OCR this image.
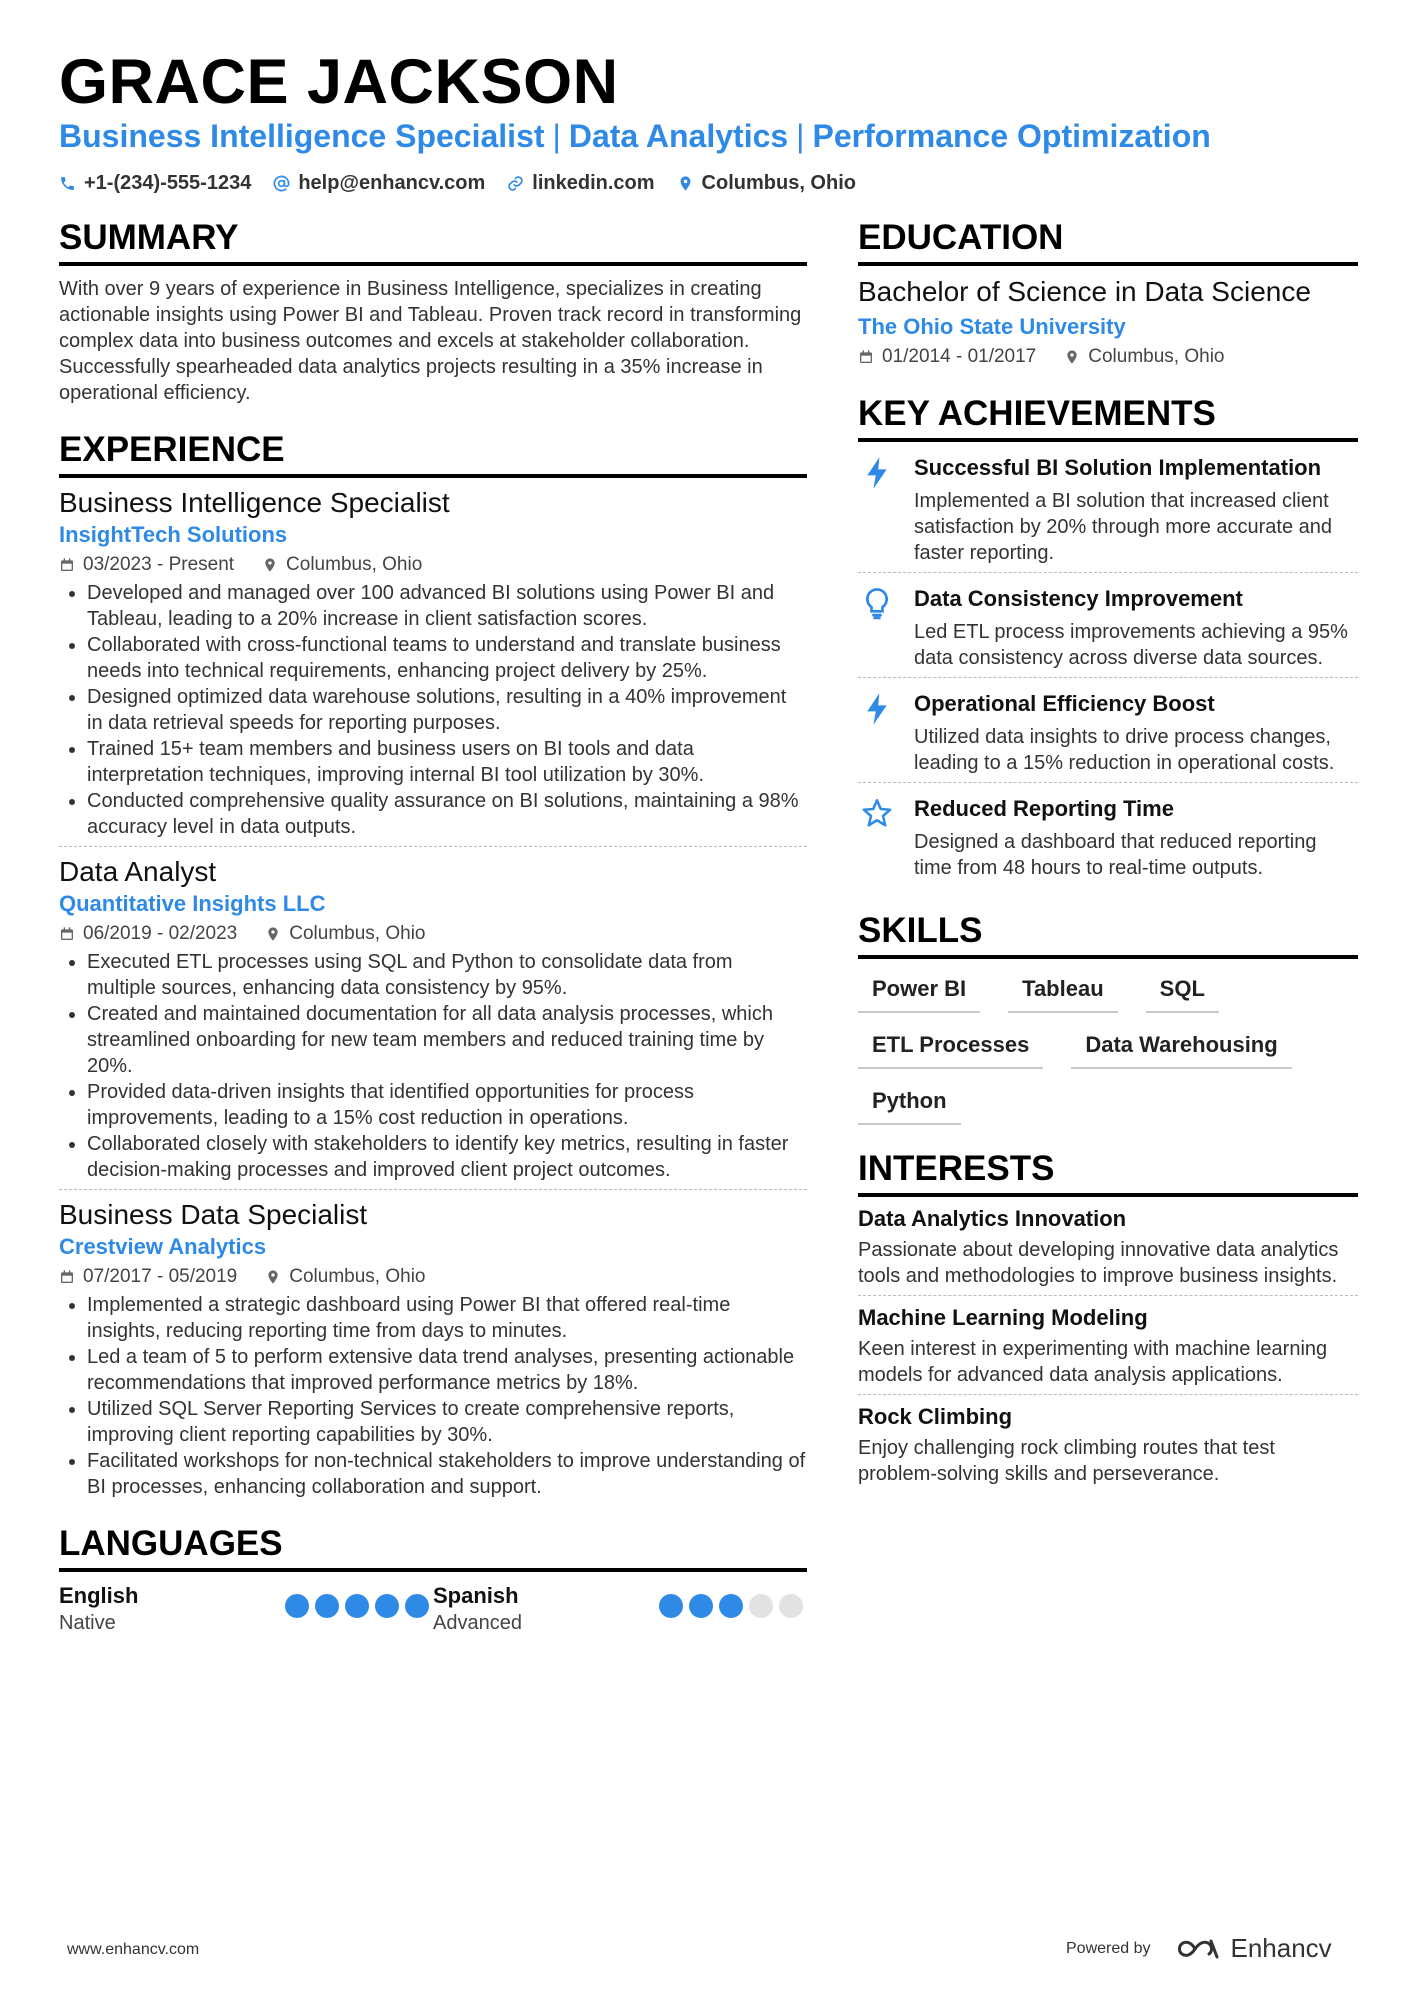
GRACE JACKSON
Business Intelligence Specialist | Data Analytics | Performance Optimization
+1-(234)-555-1234 help@enhancv.com linkedin.com Columbus, Ohio
SUMMARY
With over 9 years of experience in Business Intelligence, specializes in creating actionable insights using Power BI and Tableau. Proven track record in transforming complex data into business outcomes and excels at stakeholder collaboration. Successfully spearheaded data analytics projects resulting in a 35% increase in operational efficiency.
EXPERIENCE
Business Intelligence Specialist
InsightTech Solutions
03/2023 - Present	Columbus, Ohio
Developed and managed over 100 advanced BI solutions using Power BI and Tableau, leading to a 20% increase in client satisfaction scores.
Collaborated with cross-functional teams to understand and translate business needs into technical requirements, enhancing project delivery by 25%.
Designed optimized data warehouse solutions, resulting in a 40% improvement in data retrieval speeds for reporting purposes.
Trained 15+ team members and business users on BI tools and data interpretation techniques, improving internal BI tool utilization by 30%.
Conducted comprehensive quality assurance on BI solutions, maintaining a 98% accuracy level in data outputs.
Data Analyst
Quantitative Insights LLC
06/2019 - 02/2023	Columbus, Ohio
Executed ETL processes using SQL and Python to consolidate data from multiple sources, enhancing data consistency by 95%.
Created and maintained documentation for all data analysis processes, which streamlined onboarding for new team members and reduced training time by 20%.
Provided data-driven insights that identified opportunities for process improvements, leading to a 15% cost reduction in operations.
Collaborated closely with stakeholders to identify key metrics, resulting in faster decision-making processes and improved client project outcomes.
Business Data Specialist
Crestview Analytics
07/2017 - 05/2019	Columbus, Ohio
Implemented a strategic dashboard using Power BI that offered real-time insights, reducing reporting time from days to minutes.
Led a team of 5 to perform extensive data trend analyses, presenting actionable recommendations that improved performance metrics by 18%.
Utilized SQL Server Reporting Services to create comprehensive reports, improving client reporting capabilities by 30%.
Facilitated workshops for non-technical stakeholders to improve understanding of BI processes, enhancing collaboration and support.
LANGUAGES
English
Native
Spanish
Advanced
EDUCATION
Bachelor of Science in Data Science
The Ohio State University
01/2014 - 01/2017	Columbus, Ohio
KEY ACHIEVEMENTS
Successful BI Solution Implementation
Implemented a BI solution that increased client satisfaction by 20% through more accurate and faster reporting.
Data Consistency Improvement
Led ETL process improvements achieving a 95% data consistency across diverse data sources.
Operational Efficiency Boost
Utilized data insights to drive process changes, leading to a 15% reduction in operational costs.
Reduced Reporting Time
Designed a dashboard that reduced reporting time from 48 hours to real-time outputs.
SKILLS
Power BI	Tableau	SQL
ETL Processes	Data Warehousing
Python
INTERESTS
Data Analytics Innovation
Passionate about developing innovative data analytics tools and methodologies to improve business insights.
Machine Learning Modeling
Keen interest in experimenting with machine learning models for advanced data analysis applications.
Rock Climbing
Enjoy challenging rock climbing routes that test problem-solving skills and perseverance.
www.enhancv.com	Powered by	Enhancv
